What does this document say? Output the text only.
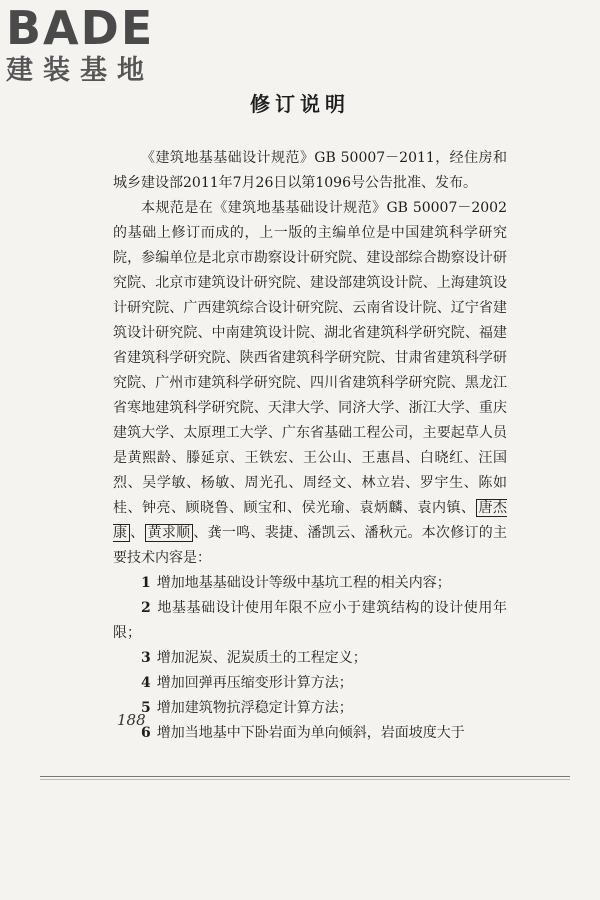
BADE
建装基地
修订说明

《建筑地基基础设计规范》GB 50007－2011，经住房和城乡建设部2011年7月26日以第1096号公告批准、发布。

本规范是在《建筑地基基础设计规范》GB 50007－2002的基础上修订而成的，上一版的主编单位是中国建筑科学研究院，参编单位是北京市勘察设计研究院、建设部综合勘察设计研究院、北京市建筑设计研究院、建设部建筑设计院、上海建筑设计研究院、广西建筑综合设计研究院、云南省设计院、辽宁省建筑设计研究院、中南建筑设计院、湖北省建筑科学研究院、福建省建筑科学研究院、陕西省建筑科学研究院、甘肃省建筑科学研究院、广州市建筑科学研究院、四川省建筑科学研究院、黑龙江省寒地建筑科学研究院、天津大学、同济大学、浙江大学、重庆建筑大学、太原理工大学、广东省基础工程公司，主要起草人员是黄熙龄、滕延京、王铁宏、王公山、王惠昌、白晓红、汪国烈、吴学敏、杨敏、周光孔、周经文、林立岩、罗宇生、陈如桂、钟亮、顾晓鲁、顾宝和、侯光瑜、袁炳麟、袁内镇、 唐杰康 、 黄求顺 、龚一鸣、裴捷、潘凯云、潘秋元。本次修订的主要技术内容是：

1 增加地基基础设计等级中基坑工程的相关内容；
2 地基基础设计使用年限不应小于建筑结构的设计使用年限；
3 增加泥炭、泥炭质土的工程定义；
4 增加回弹再压缩变形计算方法；
5 增加建筑物抗浮稳定计算方法；
6 增加当地基中下卧岩面为单向倾斜，岩面坡度大于
188
